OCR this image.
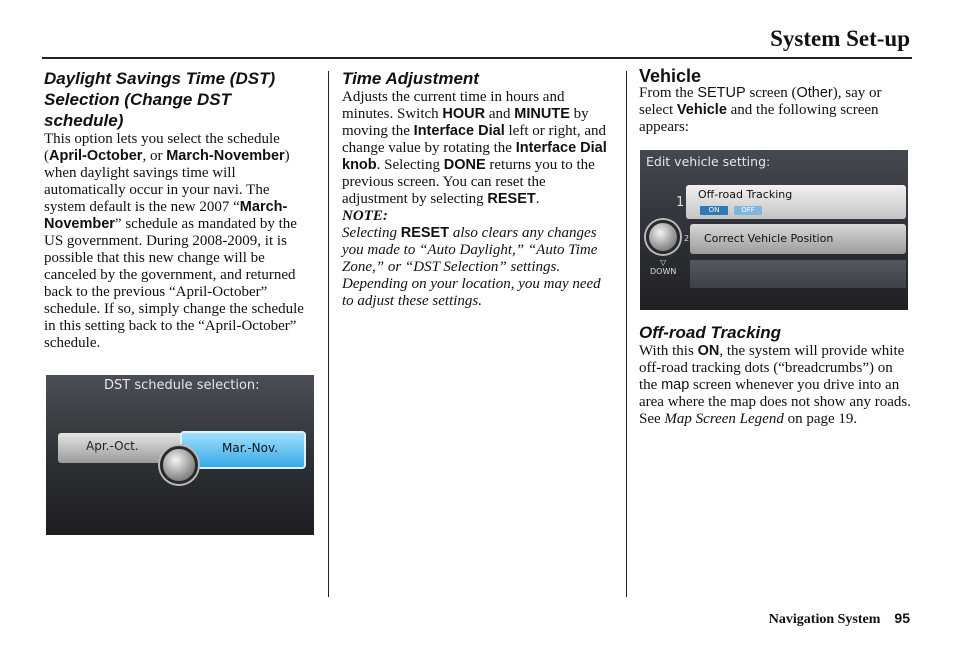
System Set-up

Daylight Savings Time (DST) Selection (Change DST schedule)

This option lets you select the schedule (April-October, or March-November) when daylight savings time will automatically occur in your navi. The system default is the new 2007 “March-November” schedule as mandated by the US government. During 2008-2009, it is possible that this new change will be canceled by the government, and returned back to the previous “April-October” schedule. If so, simply change the schedule in this setting back to the “April-October” schedule.

DST schedule selection:
Apr.-Oct.	Mar.-Nov.

Time Adjustment

Adjusts the current time in hours and minutes. Switch HOUR and MINUTE by moving the Interface Dial left or right, and change value by rotating the Interface Dial knob. Selecting DONE returns you to the previous screen. You can reset the adjustment by selecting RESET.

NOTE:

Selecting RESET also clears any changes you made to “Auto Daylight,” “Auto Time Zone,” or “DST Selection” settings. Depending on your location, you may need to adjust these settings.

Vehicle

From the SETUP screen (Other), say or select Vehicle and the following screen appears:

Edit vehicle setting:
1
Off-road Tracking
ON	OFF
2 Correct Vehicle Position
▽
DOWN

Off-road Tracking

With this ON, the system will provide white off-road tracking dots (“breadcrumbs”) on the map screen whenever you drive into an area where the map does not show any roads. See Map Screen Legend on page 19.

Navigation System 95
